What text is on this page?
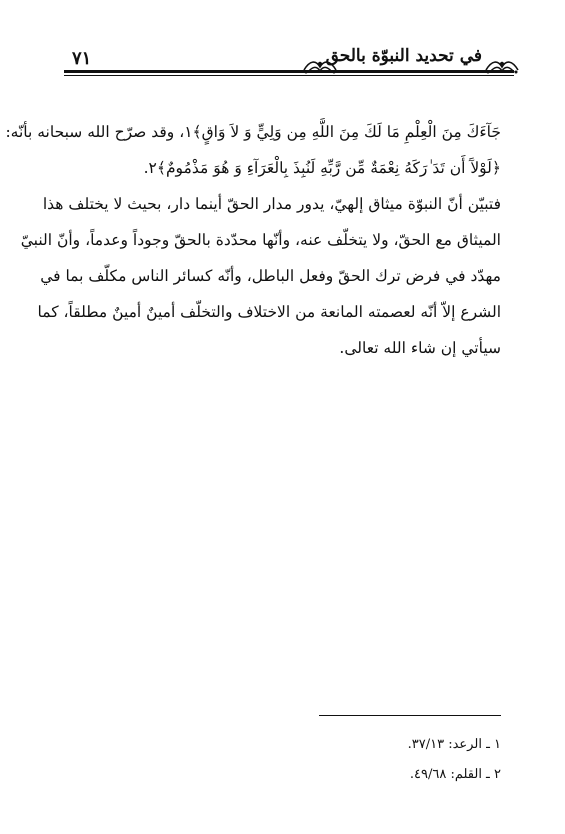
٧١	في تحديد النبوّة بالحق
جَآءَكَ مِنَ الْعِلْمِ مَا لَكَ مِنَ اللَّهِ مِن وَلِيٍّ وَ لاَ وَاقٍ﴾١، وقد صرّح الله سبحانه بأنّه:
﴿لَوْلآَ أَن تَدَ ٰرَكَهُ نِعْمَةٌ مِّن رَّبِّهِ لَنُبِذَ بِالْعَرَآءِ وَ هُوَ مَذْمُومٌ﴾٢.
فتبيّن أنّ النبوّة ميثاق إلهيّ، يدور مدار الحقّ أينما دار، بحيث لا يختلف هذا
الميثاق مع الحقّ، ولا يتخلّف عنه، وأنّها محدّدة بالحقّ وجوداً وعدماً، وأنّ النبيّ
مهدّد في فرض ترك الحقّ وفعل الباطل، وأنّه كسائر الناس مكلّف بما في
الشرع إلاّ أنّه لعصمته المانعة من الاختلاف والتخلّف أمينٌ أمينٌ مطلقاً، كما
سيأتي إن شاء الله تعالى.
١ ـ الرعد: ٣٧/١٣.
٢ ـ القلم: ٤٩/٦٨.
